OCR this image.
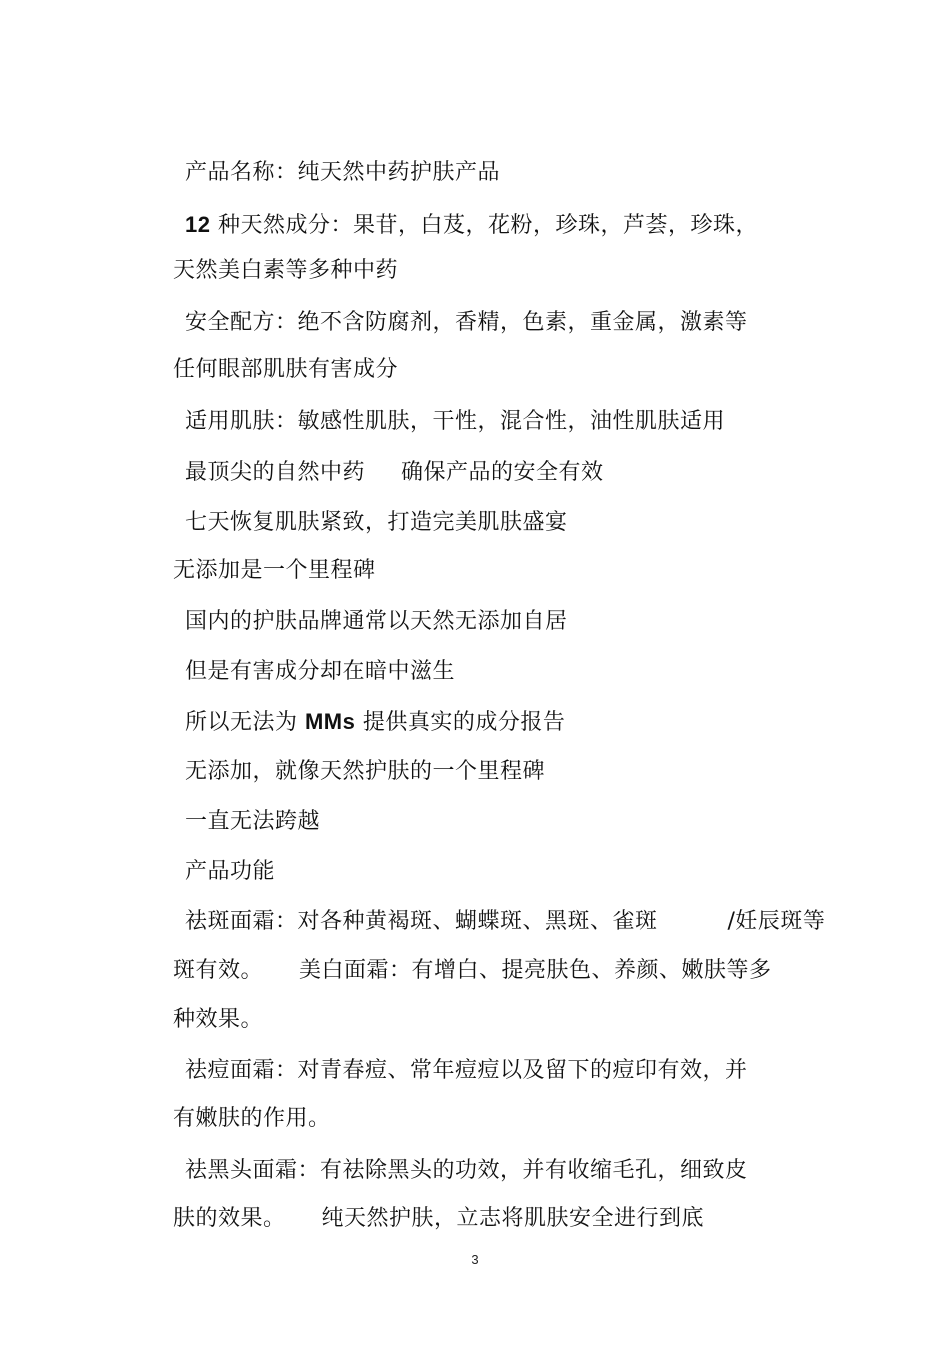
产品名称：纯天然中药护肤产品

12 种天然成分：果苷，白芨，花粉，珍珠，芦荟，珍珠，

天然美白素等多种中药

安全配方：绝不含防腐剂，香精，色素，重金属，激素等

任何眼部肌肤有害成分

适用肌肤：敏感性肌肤，干性，混合性，油性肌肤适用

最顶尖的自然中药 确保产品的安全有效

七天恢复肌肤紧致，打造完美肌肤盛宴

无添加是一个里程碑

国内的护肤品牌通常以天然无添加自居

但是有害成分却在暗中滋生

所以无法为 MMs 提供真实的成分报告

无添加，就像天然护肤的一个里程碑

一直无法跨越

产品功能

祛斑面霜：对各种黄褐斑、蝴蝶斑、黑斑、雀斑	/妊辰斑等

斑有效。 美白面霜：有增白、提亮肤色、养颜、嫩肤等多

种效果。

祛痘面霜：对青春痘、常年痘痘以及留下的痘印有效，并

有嫩肤的作用。

祛黑头面霜：有祛除黑头的功效，并有收缩毛孔，细致皮

肤的效果。 纯天然护肤，立志将肌肤安全进行到底

3
